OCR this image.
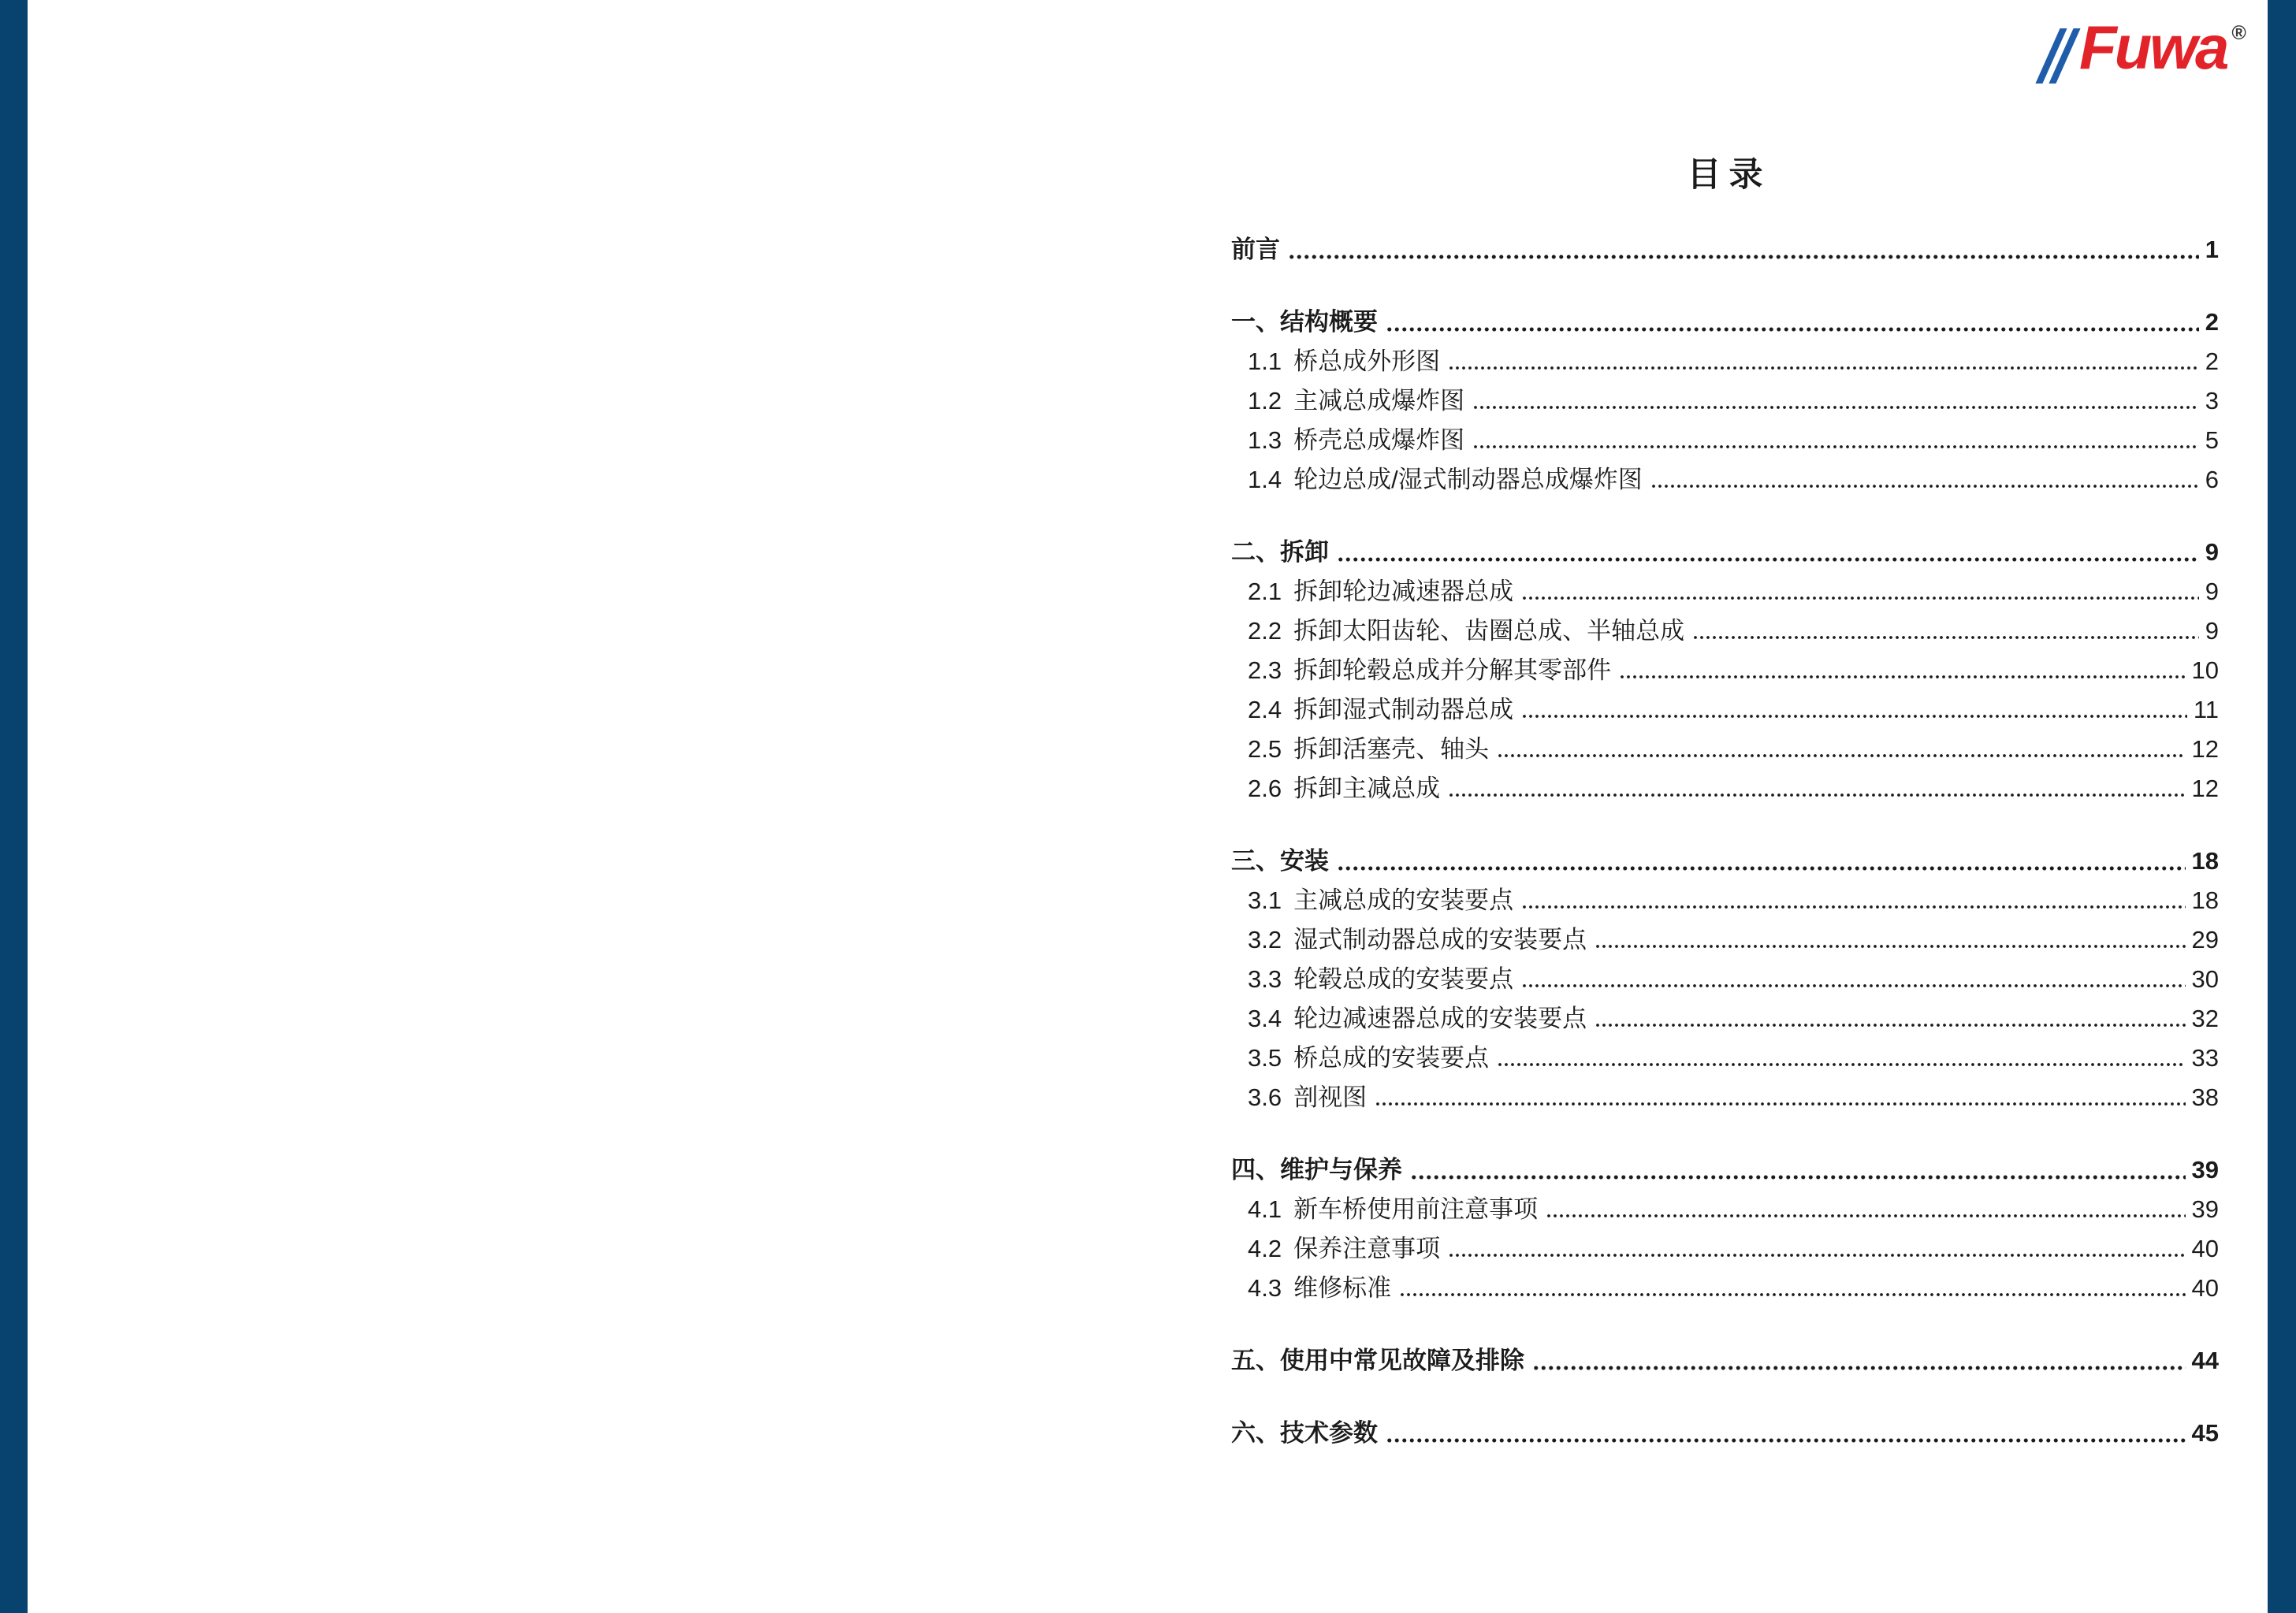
Fuwa ®
目录
前言	1
一、结构概要	2
1.1 桥总成外形图	2
1.2 主减总成爆炸图	3
1.3 桥壳总成爆炸图	5
1.4 轮边总成/湿式制动器总成爆炸图	6
二、拆卸	9
2.1 拆卸轮边减速器总成	9
2.2 拆卸太阳齿轮、齿圈总成、半轴总成	9
2.3 拆卸轮毂总成并分解其零部件	10
2.4 拆卸湿式制动器总成	11
2.5 拆卸活塞壳、轴头	12
2.6 拆卸主减总成	12
三、安装	18
3.1 主减总成的安装要点	18
3.2 湿式制动器总成的安装要点	29
3.3 轮毂总成的安装要点	30
3.4 轮边减速器总成的安装要点	32
3.5 桥总成的安装要点	33
3.6 剖视图	38
四、维护与保养	39
4.1 新车桥使用前注意事项	39
4.2 保养注意事项	40
4.3 维修标准	40
五、使用中常见故障及排除	44
六、技术参数	45
